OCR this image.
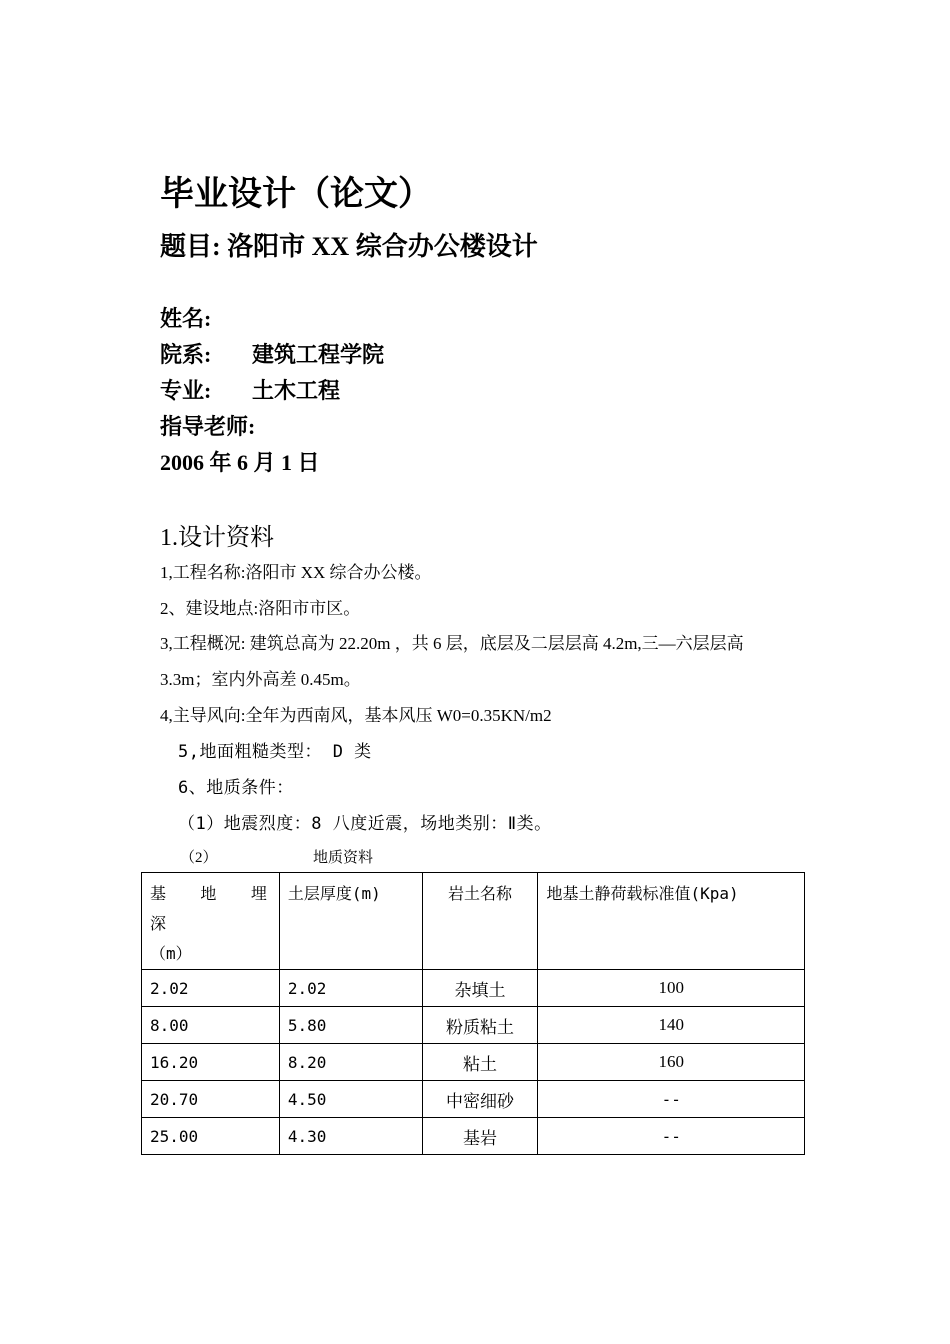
毕业设计（论文）
题目: 洛阳市 XX 综合办公楼设计
姓名:
院系: 建筑工程学院
专业: 土木工程
指导老师:
2006 年 6 月 1 日
1.设计资料
1,工程名称:洛阳市 XX 综合办公楼。
2、建设地点:洛阳市市区。
3,工程概况: 建筑总高为 22.20m ，共 6 层，底层及二层层高 4.2m,三—六层层高
3.3m；室内外高差 0.45m。
4,主导风向:全年为西南风，基本风压 W0=0.35KN/m2
5,地面粗糙类型： D 类
6、地质条件：
（1）地震烈度：8 八度近震，场地类别：Ⅱ类。
（2）	地质资料
基 地 埋 深
（m）	土层厚度(m)	岩土名称	地基土静荷载标准值(Kpa)
2.02	2.02	杂填土	100
8.00	5.80	粉质粘土	140
16.20	8.20	粘土	160
20.70	4.50	中密细砂	--
25.00	4.30	基岩	--
